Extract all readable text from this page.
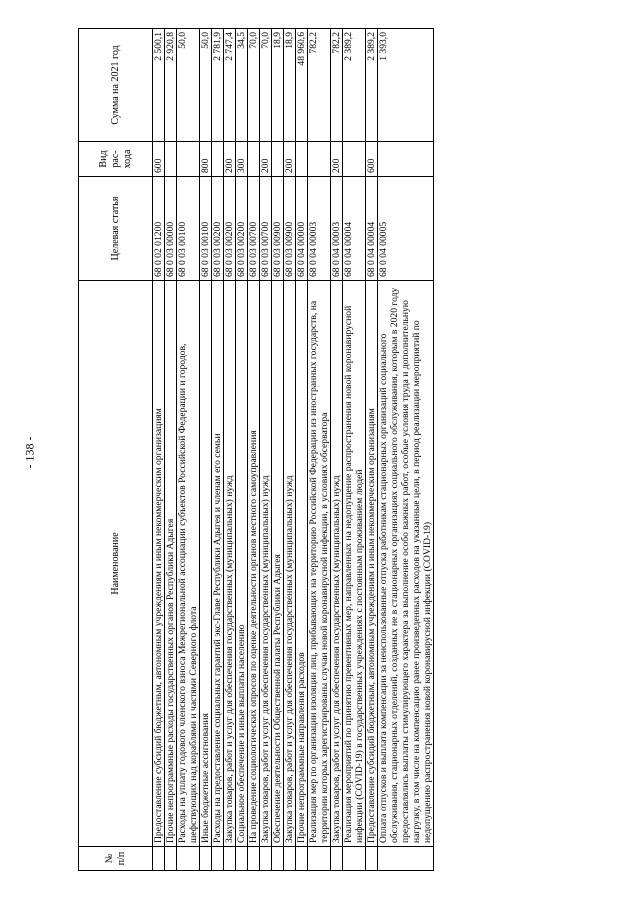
- 138 -
№ п/п	Наименование	Целевая статья	Вид рас-хода	Сумма на 2021 год
	Предоставление субсидий бюджетным, автономным учреждениям и иным некоммерческим организациям	68 0 02 01200	600	2 500,1
	Прочие непрограммные расходы государственных органов Республики Адыгея	68 0 03 00000		2 920,8
	Расходы на уплату годового членского взноса Межрегиональной ассоциации субъектов Российской Федерации и городов, шефствующих над кораблями и частями Северного флота	68 0 03 00100		50,0
	Иные бюджетные ассигнования	68 0 03 00100	800	50,0
	Расходы на предоставление социальных гарантий экс-Главе Республики Адыгея и членам его семьи	68 0 03 00200		2 781,9
	Закупка товаров, работ и услуг для обеспечения государственных (муниципальных) нужд	68 0 03 00200	200	2 747,4
	Социальное обеспечение и иные выплаты населению	68 0 03 00200	300	34,5
	На проведение социологических опросов по оценке деятельности органов местного самоуправления	68 0 03 00700		70,0
	Закупка товаров, работ и услуг для обеспечения государственных (муниципальных) нужд	68 0 03 00700	200	70,0
	Обеспечение деятельности Общественной палаты Республики Адыгея	68 0 03 00900		18,9
	Закупка товаров, работ и услуг для обеспечения государственных (муниципальных) нужд	68 0 03 00900	200	18,9
	Прочие непрограммные направления расходов	68 0 04 00000		48 960,6
	Реализация мер по организации изоляции лиц, прибывающих на территорию Российской Федерации из иностранных государств, на территории которых зарегистрированы случаи новой коронавирусной инфекции, в условиях обсерватора	68 0 04 00003		782,2
	Закупка товаров, работ и услуг для обеспечения государственных (муниципальных) нужд	68 0 04 00003	200	782,2
	Реализация мероприятий по принятию превентивных мер, направленных на недопущение распространения новой коронавирусной инфекции (COVID-19) в государственных учреждениях с постоянным проживанием людей	68 0 04 00004		2 389,2
	Предоставление субсидий бюджетным, автономным учреждениям и иным некоммерческим организациям	68 0 04 00004	600	2 389,2
	Оплата отпусков и выплата компенсации за неиспользованные отпуска работникам стационарных организаций социального обслуживания, стационарных отделений, созданных не в стационарных организациях социального обслуживания, которым в 2020 году предоставлялись выплаты стимулирующего характера за выполнение особо важных работ, особые условия труда и дополнительную нагрузку, в том числе на компенсацию ранее произведенных расходов на указанные цели, в период реализации мероприятий по недопущению распространения новой коронавирусной инфекции (COVID-19)	68 0 04 00005		1 393,0
